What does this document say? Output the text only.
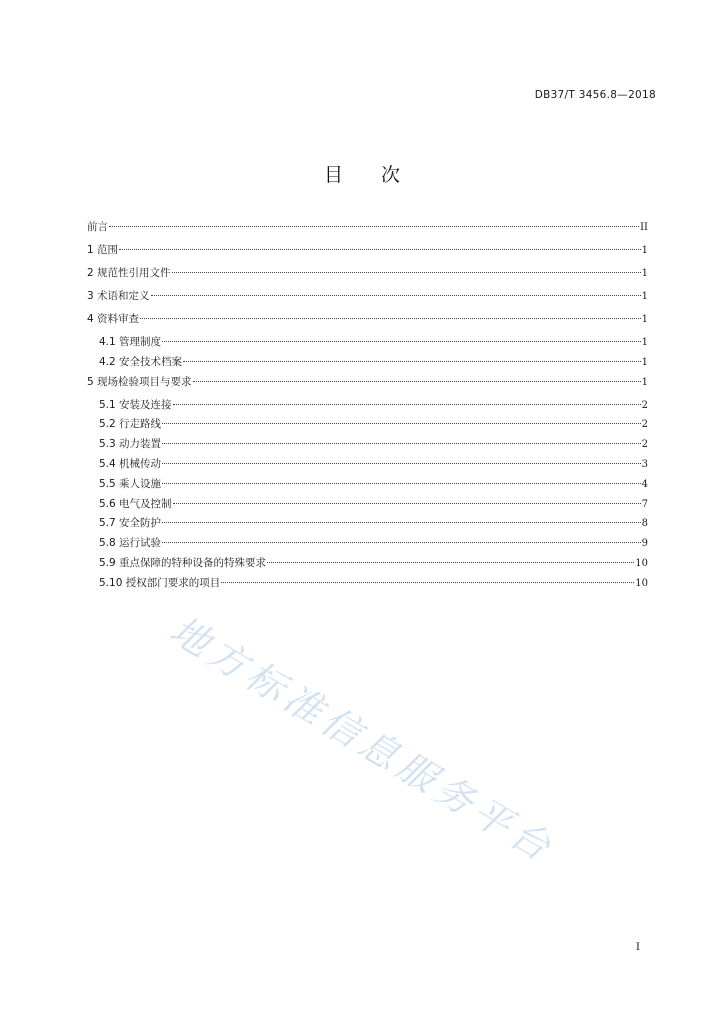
DB37/T 3456.8—2018
目 次
前言	II
1 范围	1
2 规范性引用文件	1
3 术语和定义	1
4 资料审查	1
4.1 管理制度	1
4.2 安全技术档案	1
5 现场检验项目与要求	1
5.1 安装及连接	2
5.2 行走路线	2
5.3 动力装置	2
5.4 机械传动	3
5.5 乘人设施	4
5.6 电气及控制	7
5.7 安全防护	8
5.8 运行试验	9
5.9 重点保障的特种设备的特殊要求	10
5.10 授权部门要求的项目	10
地方标准信息服务平台
I
